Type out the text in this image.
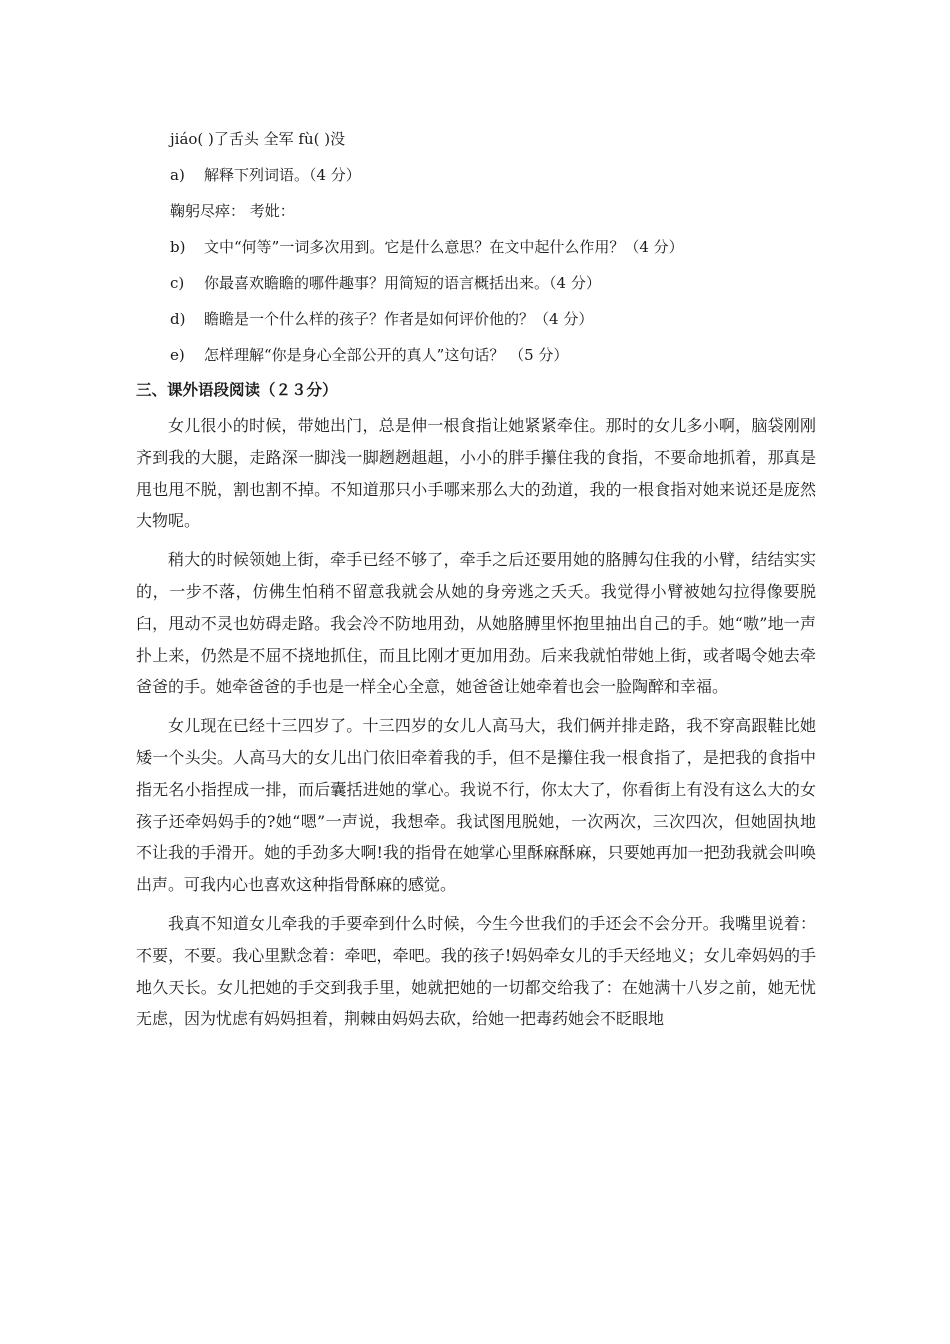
jiáo( )了舌头 全军 fù( )没
a) 解释下列词语。（4 分）
鞠躬尽瘁： 考妣：
b) 文中“何等”一词多次用到。它是什么意思？在文中起什么作用？（4 分）
c) 你最喜欢瞻瞻的哪件趣事？用简短的语言概括出来。（4 分）
d) 瞻瞻是一个什么样的孩子？作者是如何评价他的？（4 分）
e) 怎样理解“你是身心全部公开的真人”这句话？ （5 分）
三、课外语段阅读（２３分）

女儿很小的时候，带她出门，总是伸一根食指让她紧紧牵住。那时的女儿多小啊，脑袋刚刚齐到我的大腿，走路深一脚浅一脚趔趔趄趄，小小的胖手攥住我的食指，不要命地抓着，那真是甩也甩不脱，割也割不掉。不知道那只小手哪来那么大的劲道，我的一根食指对她来说还是庞然大物呢。

稍大的时候领她上街，牵手已经不够了，牵手之后还要用她的胳膊勾住我的小臂，结结实实的，一步不落，仿佛生怕稍不留意我就会从她的身旁逃之夭夭。我觉得小臂被她勾拉得像要脱臼，甩动不灵也妨碍走路。我会冷不防地用劲，从她胳膊里怀抱里抽出自己的手。她“嗷”地一声扑上来，仍然是不屈不挠地抓住，而且比刚才更加用劲。后来我就怕带她上街，或者喝令她去牵爸爸的手。她牵爸爸的手也是一样全心全意，她爸爸让她牵着也会一脸陶醉和幸福。

女儿现在已经十三四岁了。十三四岁的女儿人高马大，我们俩并排走路，我不穿高跟鞋比她矮一个头尖。人高马大的女儿出门依旧牵着我的手，但不是攥住我一根食指了，是把我的食指中指无名小指捏成一排，而后囊括进她的掌心。我说不行，你太大了，你看街上有没有这么大的女孩子还牵妈妈手的?她“嗯”一声说，我想牵。我试图甩脱她，一次两次，三次四次，但她固执地不让我的手滑开。她的手劲多大啊!我的指骨在她掌心里酥麻酥麻，只要她再加一把劲我就会叫唤出声。可我内心也喜欢这种指骨酥麻的感觉。

我真不知道女儿牵我的手要牵到什么时候，今生今世我们的手还会不会分开。我嘴里说着：不要，不要。我心里默念着：牵吧，牵吧。我的孩子!妈妈牵女儿的手天经地义；女儿牵妈妈的手地久天长。女儿把她的手交到我手里，她就把她的一切都交给我了：在她满十八岁之前，她无忧无虑，因为忧虑有妈妈担着，荆棘由妈妈去砍，给她一把毒药她会不眨眼地
